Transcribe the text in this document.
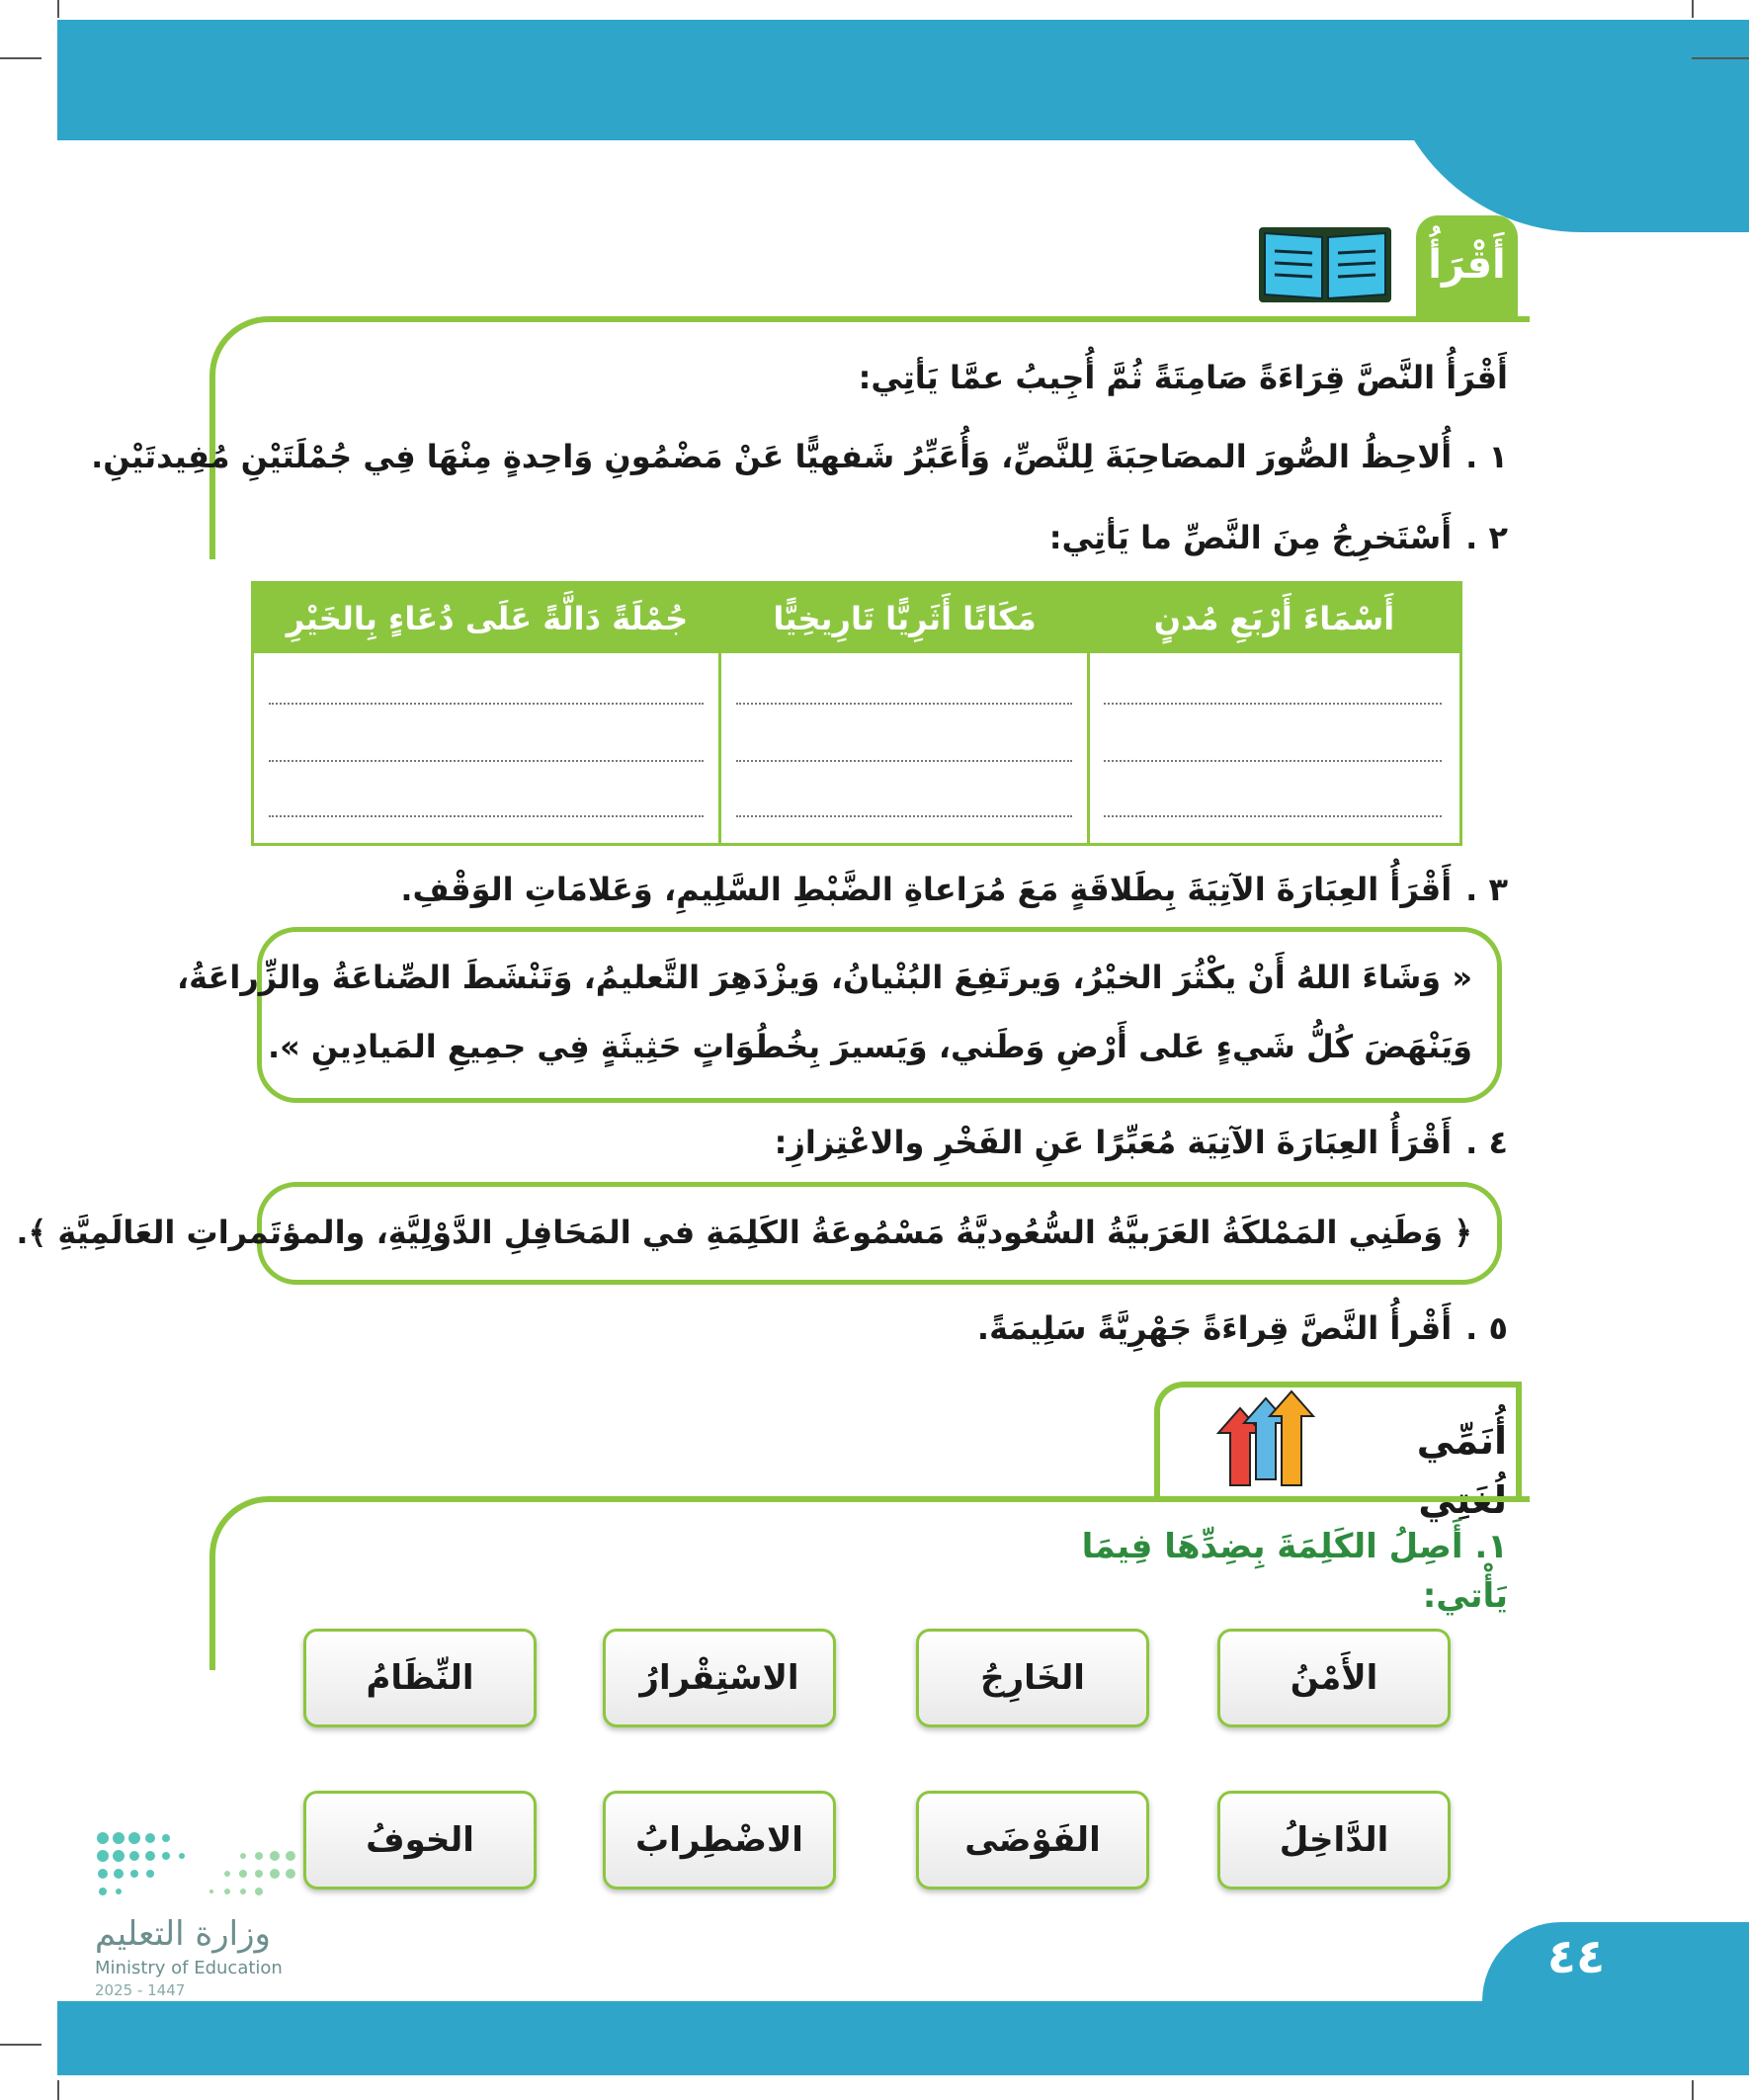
أَقْرَأُ
أَقْرَأُ النَّصَّ قِرَاءَةً صَامِتَةً ثُمَّ أُجِيبُ عمَّا يَأتِي:
١ .أُلاحِظُ الصُّورَ المصَاحِبَةَ لِلنَّصِّ، وَأُعَبِّرُ شَفهيًّا عَنْ مَضْمُونِ وَاحِدةٍ مِنْهَا فِي جُمْلَتَيْنِ مُفِيدتَيْنِ.
٢ .أَسْتَخرِجُ مِنَ النَّصِّ ما يَأتِي:
أَسْمَاءَ أَرْبَعِ مُدنٍ
مَكَانًا أَثَرِيًّا تَارِيخِيًّا
جُمْلَةً دَالَّةً عَلَى دُعَاءٍ بِالخَيْرِ
٣ .أَقْرَأُ العِبَارَةَ الآتِيَةَ بِطَلاقَةٍ مَعَ مُرَاعاةِ الضَّبْطِ السَّلِيمِ، وَعَلامَاتِ الوَقْفِ.
« وَشَاءَ اللهُ أَنْ يكْثُرَ الخيْرُ، وَيرتَفِعَ البُنْيانُ، وَيزْدَهِرَ التَّعليمُ، وَتَنْشَطَ الصِّناعَةُ والزِّراعَةُ،
وَيَنْهَضَ كُلُّ شَيءٍ عَلى أَرْضِ وَطَني، وَيَسيرَ بِخُطُوَاتٍ حَثِيثَةٍ فِي جمِيعِ المَيادِينِ ».
٤ .أَقْرَأُ العِبَارَةَ الآتِيَة مُعَبِّرًا عَنِ الفَخْرِ والاعْتِزازِ:
﴿ وَطَنِي المَمْلكَةُ العَرَبيَّةُ السُّعُوديَّةُ مَسْمُوعَةُ الكَلِمَةِ في المَحَافِلِ الدَّوْلِيَّةِ، والمؤتَمراتِ العَالَمِيَّةِ ﴾.
٥ .أَقْرأُ النَّصَّ قِراءَةً جَهْرِيَّةً سَلِيمَةً.
أُنَمِّي لُغَتِي
١. أَصِلُ الكَلِمَةَ بِضِدِّهَا فِيمَا يَأْتي:
الأَمْنُ
الخَارِجُ
الاسْتِقْرارُ
النِّظَامُ
الدَّاخِلُ
الفَوْضَى
الاضْطِرابُ
الخوفُ
وزارة التعليم
Ministry of Education
2025 - 1447
٤٤
